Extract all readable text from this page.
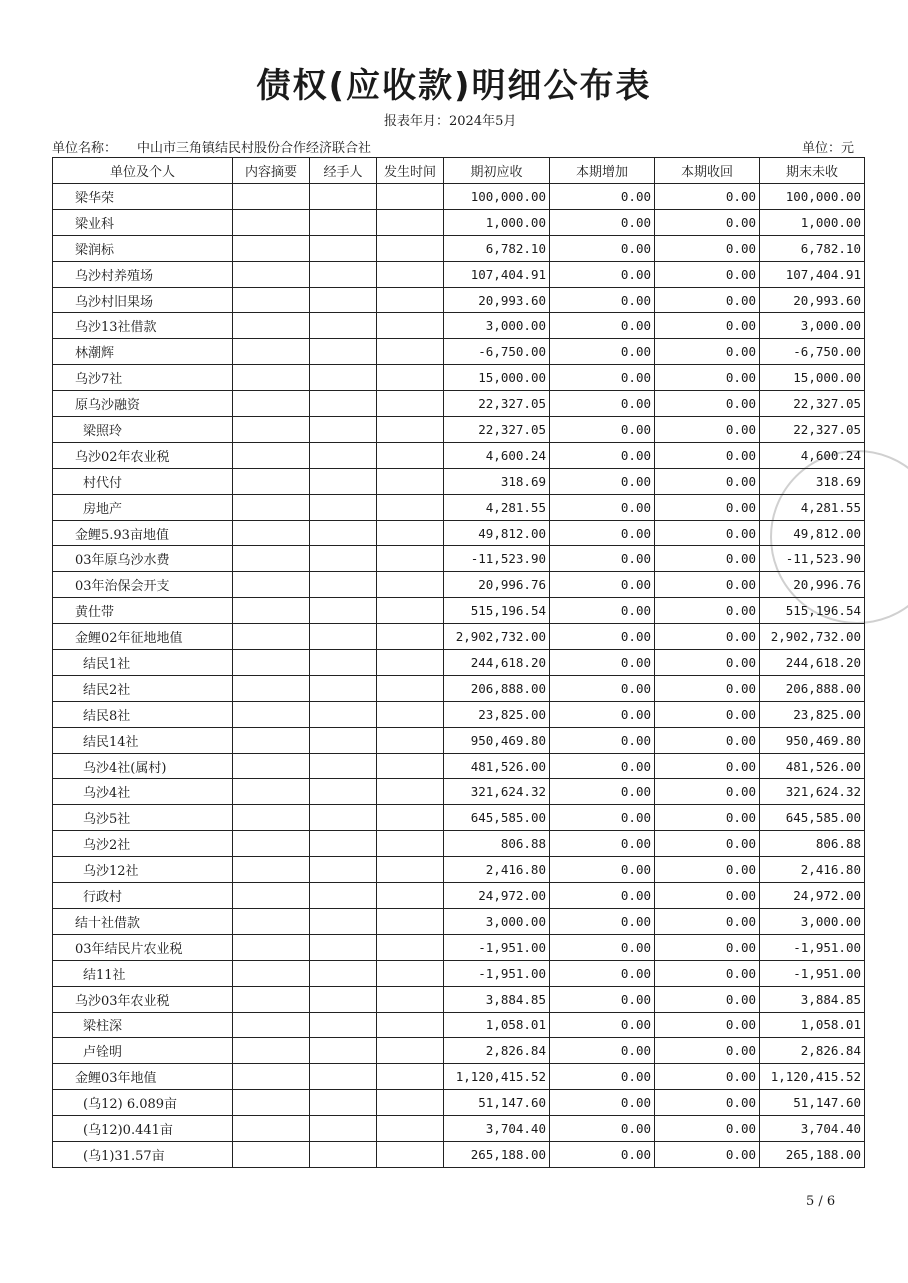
债权(应收款)明细公布表
报表年月：2024年5月
单位名称： 中山市三角镇结民村股份合作经济联合社	单位：元
单位及个人	内容摘要	经手人	发生时间	期初应收	本期增加	本期收回	期末未收
梁华荣				100,000.00	0.00	0.00	100,000.00
梁业科				1,000.00	0.00	0.00	1,000.00
梁润标				6,782.10	0.00	0.00	6,782.10
乌沙村养殖场				107,404.91	0.00	0.00	107,404.91
乌沙村旧果场				20,993.60	0.00	0.00	20,993.60
乌沙13社借款				3,000.00	0.00	0.00	3,000.00
林潮辉				-6,750.00	0.00	0.00	-6,750.00
乌沙7社				15,000.00	0.00	0.00	15,000.00
原乌沙融资				22,327.05	0.00	0.00	22,327.05
梁照玲				22,327.05	0.00	0.00	22,327.05
乌沙02年农业税				4,600.24	0.00	0.00	4,600.24
村代付				318.69	0.00	0.00	318.69
房地产				4,281.55	0.00	0.00	4,281.55
金鲤5.93亩地值				49,812.00	0.00	0.00	49,812.00
03年原乌沙水费				-11,523.90	0.00	0.00	-11,523.90
03年治保会开支				20,996.76	0.00	0.00	20,996.76
黄仕带				515,196.54	0.00	0.00	515,196.54
金鲤02年征地地值				2,902,732.00	0.00	0.00	2,902,732.00
结民1社				244,618.20	0.00	0.00	244,618.20
结民2社				206,888.00	0.00	0.00	206,888.00
结民8社				23,825.00	0.00	0.00	23,825.00
结民14社				950,469.80	0.00	0.00	950,469.80
乌沙4社(属村)				481,526.00	0.00	0.00	481,526.00
乌沙4社				321,624.32	0.00	0.00	321,624.32
乌沙5社				645,585.00	0.00	0.00	645,585.00
乌沙2社				806.88	0.00	0.00	806.88
乌沙12社				2,416.80	0.00	0.00	2,416.80
行政村				24,972.00	0.00	0.00	24,972.00
结十社借款				3,000.00	0.00	0.00	3,000.00
03年结民片农业税				-1,951.00	0.00	0.00	-1,951.00
结11社				-1,951.00	0.00	0.00	-1,951.00
乌沙03年农业税				3,884.85	0.00	0.00	3,884.85
梁柱深				1,058.01	0.00	0.00	1,058.01
卢铨明				2,826.84	0.00	0.00	2,826.84
金鲤03年地值				1,120,415.52	0.00	0.00	1,120,415.52
(乌12) 6.089亩				51,147.60	0.00	0.00	51,147.60
(乌12)0.441亩				3,704.40	0.00	0.00	3,704.40
(乌1)31.57亩				265,188.00	0.00	0.00	265,188.00
5 / 6
